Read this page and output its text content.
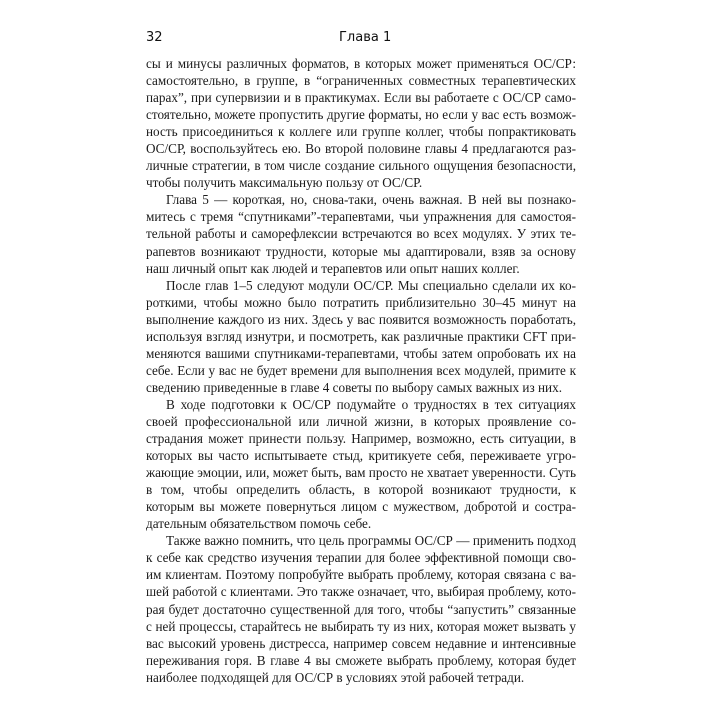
32	Глава 1

сы и минусы различных форматов, в которых может применяться ОС/СР: самостоятельно, в группе, в “ограниченных совместных терапевтических парах”, при супервизии и в практикумах. Если вы работаете с ОС/СР самостоятельно, можете пропустить другие форматы, но если у вас есть возможность присоединиться к коллеге или группе коллег, чтобы попрактиковать ОС/СР, воспользуйтесь ею. Во второй половине главы 4 предлагаются различные стратегии, в том числе создание сильного ощущения безопасности, чтобы получить максимальную пользу от ОС/СР.

Глава 5 — короткая, но, снова-таки, очень важная. В ней вы познакомитесь с тремя “спутниками”-терапевтами, чьи упражнения для самостоятельной работы и саморефлексии встречаются во всех модулях. У этих терапевтов возникают трудности, которые мы адаптировали, взяв за основу наш личный опыт как людей и терапевтов или опыт наших коллег.

После глав 1–5 следуют модули ОС/СР. Мы специально сделали их короткими, чтобы можно было потратить приблизительно 30–45 минут на выполнение каждого из них. Здесь у вас появится возможность поработать, используя взгляд изнутри, и посмотреть, как различные практики CFT применяются вашими спутниками-терапевтами, чтобы затем опробовать их на себе. Если у вас не будет времени для выполнения всех модулей, примите к сведению приведенные в главе 4 советы по выбору самых важных из них.

В ходе подготовки к ОС/СР подумайте о трудностях в тех ситуациях своей профессиональной или личной жизни, в которых проявление сострадания может принести пользу. Например, возможно, есть ситуации, в которых вы часто испытываете стыд, критикуете себя, переживаете угрожающие эмоции, или, может быть, вам просто не хватает уверенности. Суть в том, чтобы определить область, в которой возникают трудности, к которым вы можете повернуться лицом с мужеством, добротой и сострaдательным обязательством помочь себе.

Также важно помнить, что цель программы ОС/СР — применить подход к себе как средство изучения терапии для более эффективной помощи своим клиентам. Поэтому попробуйте выбрать проблему, которая связана с вашей работой с клиентами. Это также означает, что, выбирая проблему, которая будет достаточно существенной для того, чтобы “запустить” связанные с ней процессы, старайтесь не выбирать ту из них, которая может вызвать у вас высокий уровень дистресса, например совсем недавние и интенсивные переживания горя. В главе 4 вы сможете выбрать проблему, которая будет наиболее подходящей для ОС/СР в условиях этой рабочей тетради.
